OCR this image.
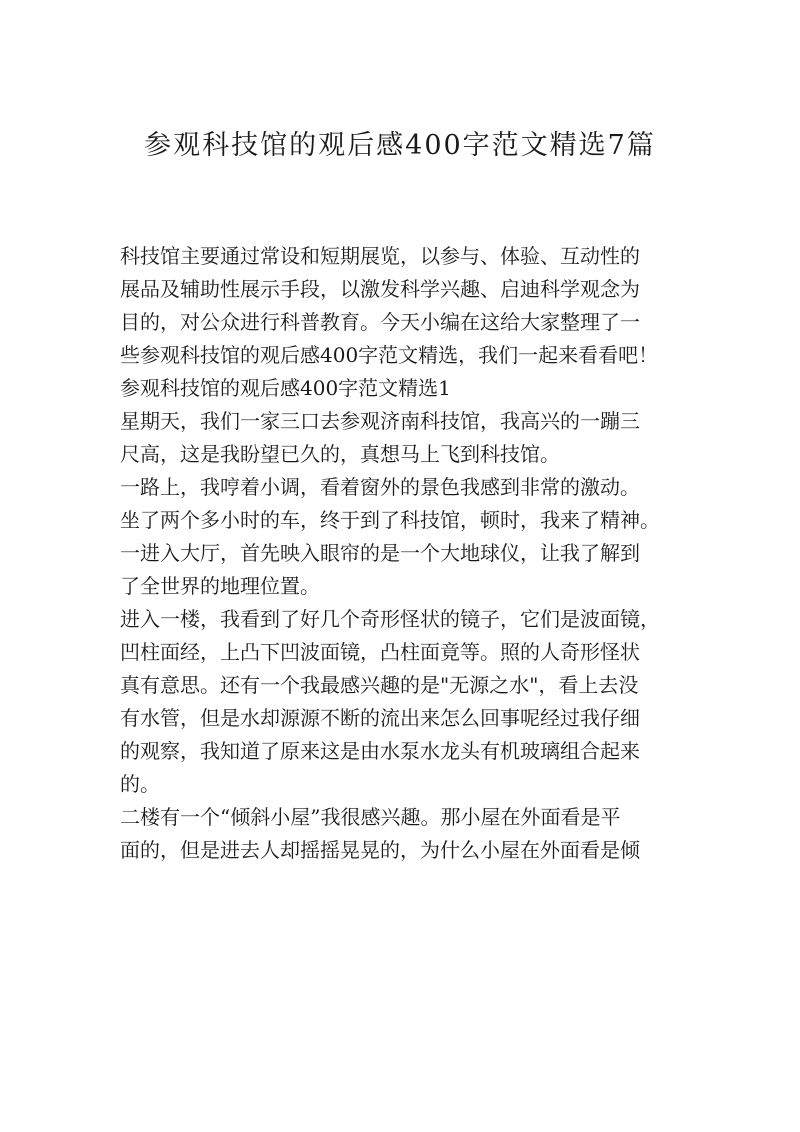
参观科技馆的观后感400字范文精选7篇
科技馆主要通过常设和短期展览，以参与、体验、互动性的
展品及辅助性展示手段，以激发科学兴趣、启迪科学观念为
目的，对公众进行科普教育。今天小编在这给大家整理了一
些参观科技馆的观后感400字范文精选，我们一起来看看吧！
参观科技馆的观后感400字范文精选1
星期天，我们一家三口去参观济南科技馆，我高兴的一蹦三
尺高，这是我盼望已久的，真想马上飞到科技馆。
一路上，我哼着小调，看着窗外的景色我感到非常的激动。
坐了两个多小时的车，终于到了科技馆，顿时，我来了精神。
一进入大厅，首先映入眼帘的是一个大地球仪，让我了解到
了全世界的地理位置。
进入一楼，我看到了好几个奇形怪状的镜子，它们是波面镜，
凹柱面经，上凸下凹波面镜，凸柱面竟等。照的人奇形怪状
真有意思。还有一个我最感兴趣的是"无源之水"，看上去没
有水管，但是水却源源不断的流出来怎么回事呢经过我仔细
的观察，我知道了原来这是由水泵水龙头有机玻璃组合起来
的。
二楼有一个“倾斜小屋”我很感兴趣。那小屋在外面看是平
面的，但是进去人却摇摇晃晃的，为什么小屋在外面看是倾
